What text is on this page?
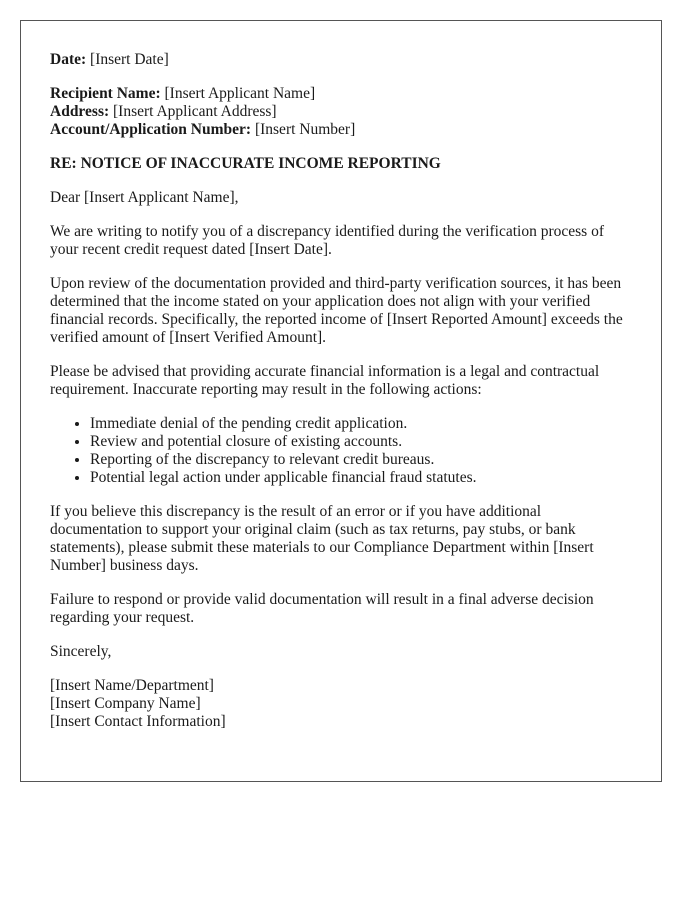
Date: [Insert Date]

Recipient Name: [Insert Applicant Name]

Address: [Insert Applicant Address]

Account/Application Number: [Insert Number]

RE: NOTICE OF INACCURATE INCOME REPORTING

Dear [Insert Applicant Name],

We are writing to notify you of a discrepancy identified during the verification process of your recent credit request dated [Insert Date].

Upon review of the documentation provided and third-party verification sources, it has been determined that the income stated on your application does not align with your verified financial records. Specifically, the reported income of [Insert Reported Amount] exceeds the verified amount of [Insert Verified Amount].

Please be advised that providing accurate financial information is a legal and contractual requirement. Inaccurate reporting may result in the following actions:

• Immediate denial of the pending credit application.
• Review and potential closure of existing accounts.
• Reporting of the discrepancy to relevant credit bureaus.
• Potential legal action under applicable financial fraud statutes.

If you believe this discrepancy is the result of an error or if you have additional documentation to support your original claim (such as tax returns, pay stubs, or bank statements), please submit these materials to our Compliance Department within [Insert Number] business days.

Failure to respond or provide valid documentation will result in a final adverse decision regarding your request.

Sincerely,

[Insert Name/Department]
[Insert Company Name]
[Insert Contact Information]
